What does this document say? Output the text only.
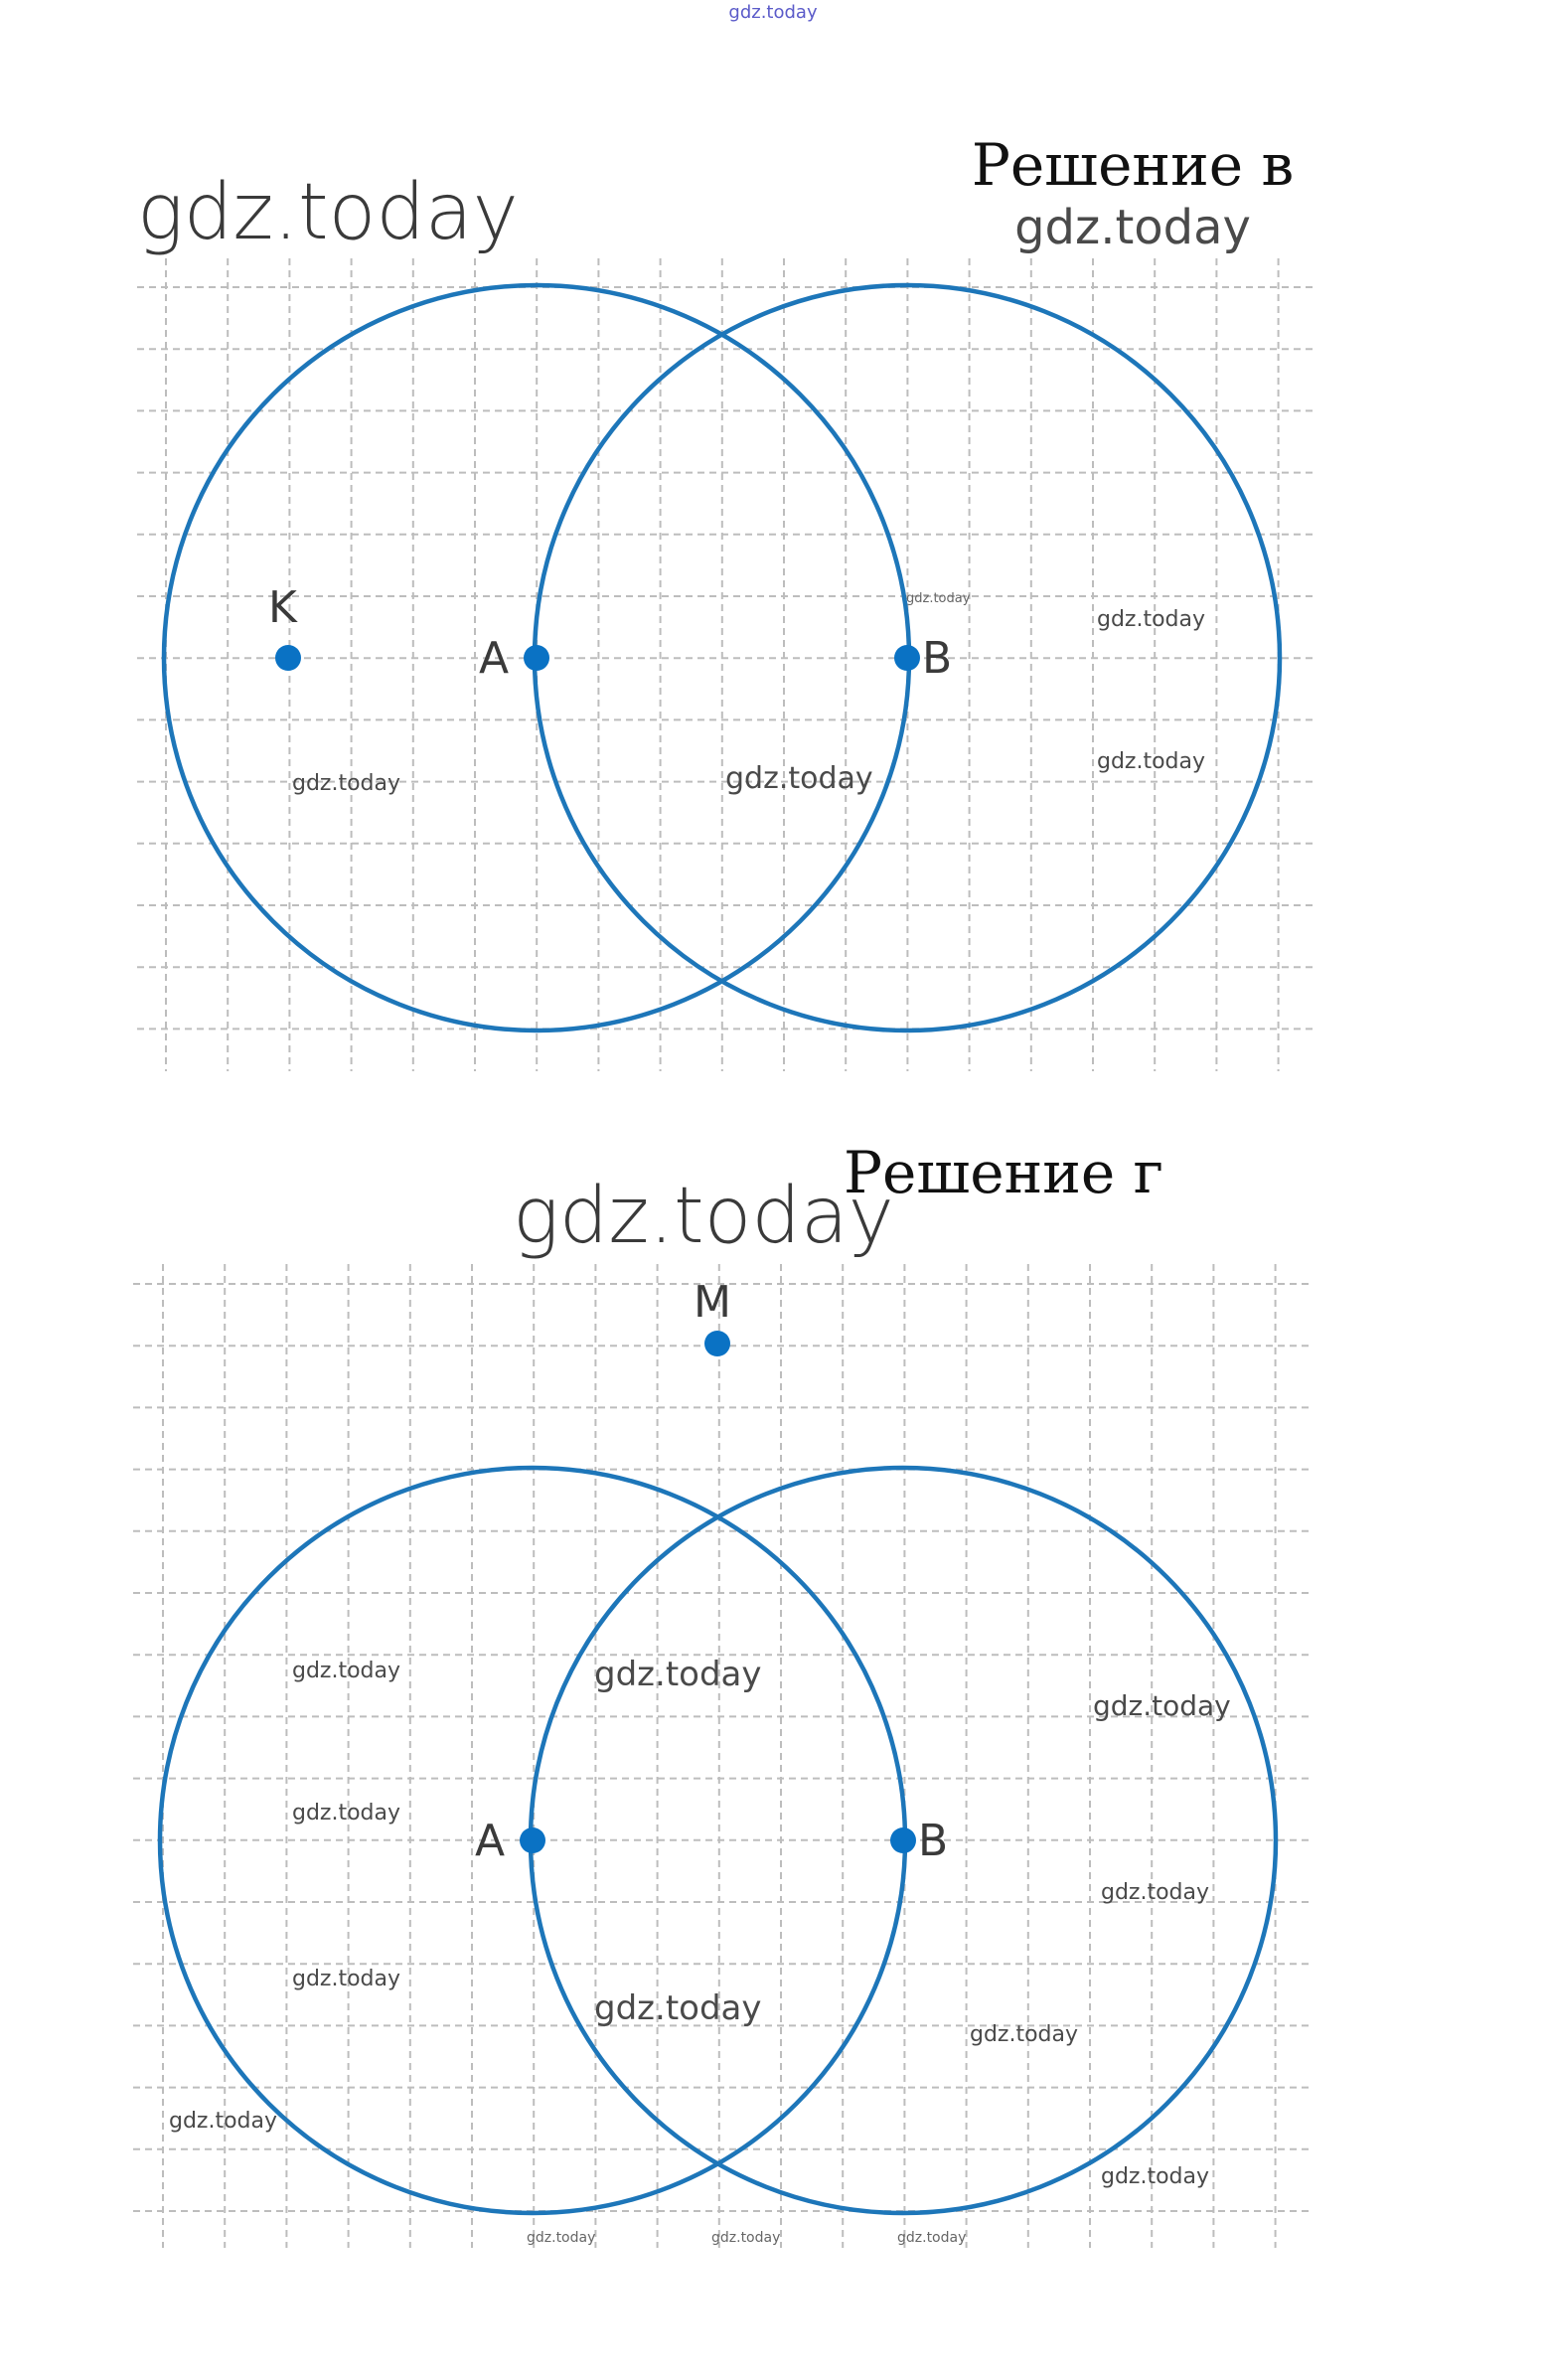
gdz.today
gdz.today
Решение в
gdz.today
K
A	B
gdz.today	gdz.today
gdz.today
gdz.today
gdz.today
Решение г
gdz.today
M
A	B
gdz.today
gdz.today
gdz.today
gdz.today
gdz.today
gdz.today
gdz.today
gdz.today
gdz.today
gdz.today
gdz.today	gdz.today	gdz.today
